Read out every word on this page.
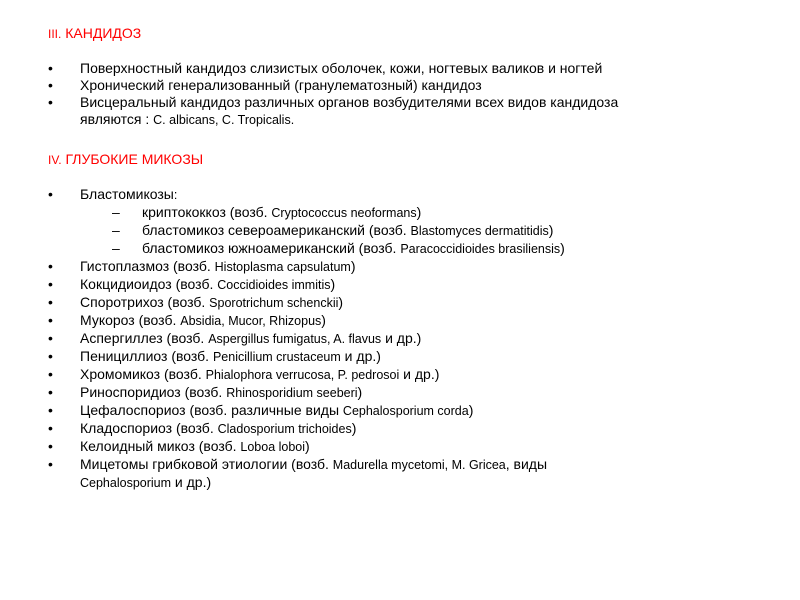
III. КАНДИДОЗ
•	Поверхностный кандидоз слизистых оболочек, кожи, ногтевых валиков и ногтей
•	Хронический генерализованный (гранулематозный) кандидоз
•	Висцеральный кандидоз различных органов возбудителями всех видов кандидоза
являются : C. albicans, C. Tropicalis.
IV. ГЛУБОКИЕ МИКОЗЫ
•	Бластомикозы:
– криптококкоз (возб. Cryptococcus neoformans)
– бластомикоз североамериканский (возб. Blastomyces dermatitidis)
– бластомикоз южноамериканский (возб. Paracoccidioides brasiliensis)
•	Гистоплазмоз (возб. Histoplasma capsulatum)
•	Кокцидиоидоз (возб. Coccidioides immitis)
•	Споротрихоз (возб. Sporotrichum schenckii)
•	Мукороз (возб. Absidia, Mucor, Rhizopus)
•	Аспергиллез (возб. Aspergillus fumigatus, A. flavus и др.)
•	Пенициллиоз (возб. Penicillium crustaceum и др.)
•	Хромомикоз (возб. Phialophora verrucosa, P. pedrosoi и др.)
•	Риноспоридиоз (возб. Rhinosporidium seeberi)
•	Цефалоспориоз (возб. различные виды Cephalosporium corda)
•	Кладоспориоз (возб. Cladosporium trichoides)
•	Келоидный микоз (возб. Loboa loboi)
•	Мицетомы грибковой этиологии (возб. Madurella mycetomi, M. Gricea, виды
Cephalosporium и др.)
